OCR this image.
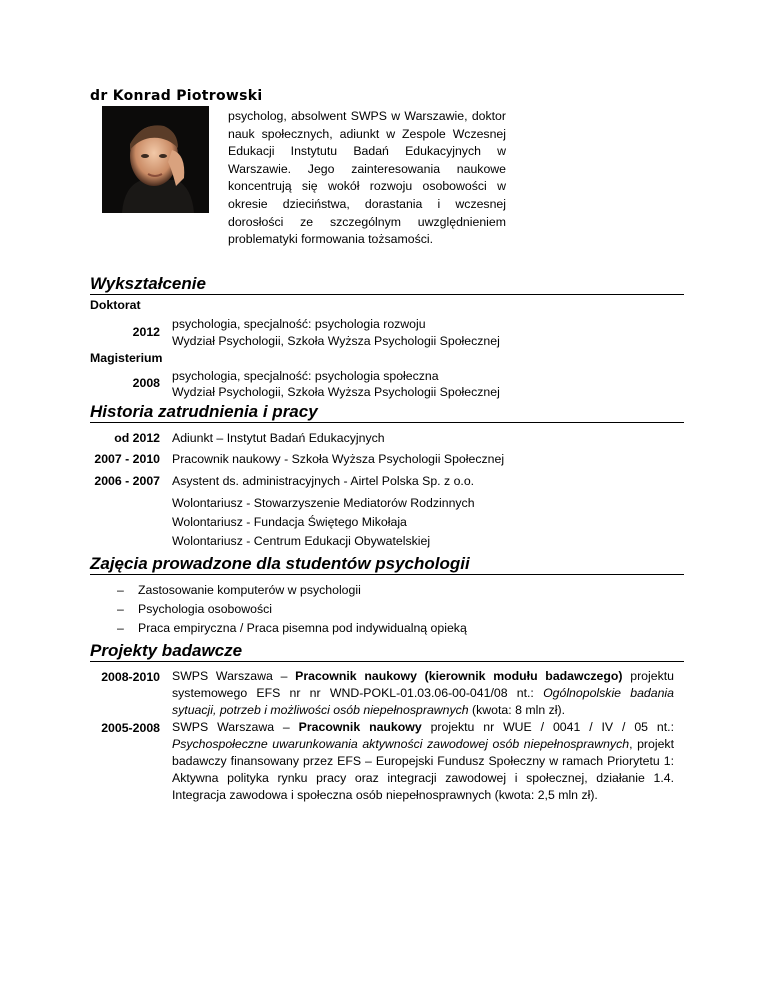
dr Konrad Piotrowski
psycholog, absolwent SWPS w Warszawie, doktor nauk społecznych, adiunkt w Zespole Wczesnej Edukacji Instytutu Badań Edukacyjnych w Warszawie. Jego zainteresowania naukowe koncentrują się wokół rozwoju osobowości w okresie dzieciństwa, dorastania i wczesnej dorosłości ze szczególnym uwzględnieniem problematyki formowania tożsamości.
Wykształcenie
Doktorat
2012
psychologia, specjalność: psychologia rozwoju
Wydział Psychologii, Szkoła Wyższa Psychologii Społecznej
Magisterium
2008 psychologia, specjalność: psychologia społeczna
Wydział Psychologii, Szkoła Wyższa Psychologii Społecznej
Historia zatrudnienia i pracy
od 2012 Adiunkt – Instytut Badań Edukacyjnych
2007 - 2010 Pracownik naukowy - Szkoła Wyższa Psychologii Społecznej
2006 - 2007 Asystent ds. administracyjnych - Airtel Polska Sp. z o.o.
Wolontariusz - Stowarzyszenie Mediatorów Rodzinnych
Wolontariusz - Fundacja Świętego Mikołaja
Wolontariusz - Centrum Edukacji Obywatelskiej
Zajęcia prowadzone dla studentów psychologii
– Zastosowanie komputerów w psychologii
– Psychologia osobowości
– Praca empiryczna / Praca pisemna pod indywidualną opieką
Projekty badawcze
2008-2010 SWPS Warszawa – Pracownik naukowy (kierownik modułu badawczego) projektu systemowego EFS nr nr WND-POKL-01.03.06-00-041/08 nt.: Ogólnopolskie badania sytuacji, potrzeb i możliwości osób niepełnosprawnych (kwota: 8 mln zł).
2005-2008 SWPS Warszawa – Pracownik naukowy projektu nr WUE / 0041 / IV / 05 nt.: Psychospołeczne uwarunkowania aktywności zawodowej osób niepełnosprawnych, projekt badawczy finansowany przez EFS – Europejski Fundusz Społeczny w ramach Priorytetu 1: Aktywna polityka rynku pracy oraz integracji zawodowej i społecznej, działanie 1.4. Integracja zawodowa i społeczna osób niepełnosprawnych (kwota: 2,5 mln zł).
